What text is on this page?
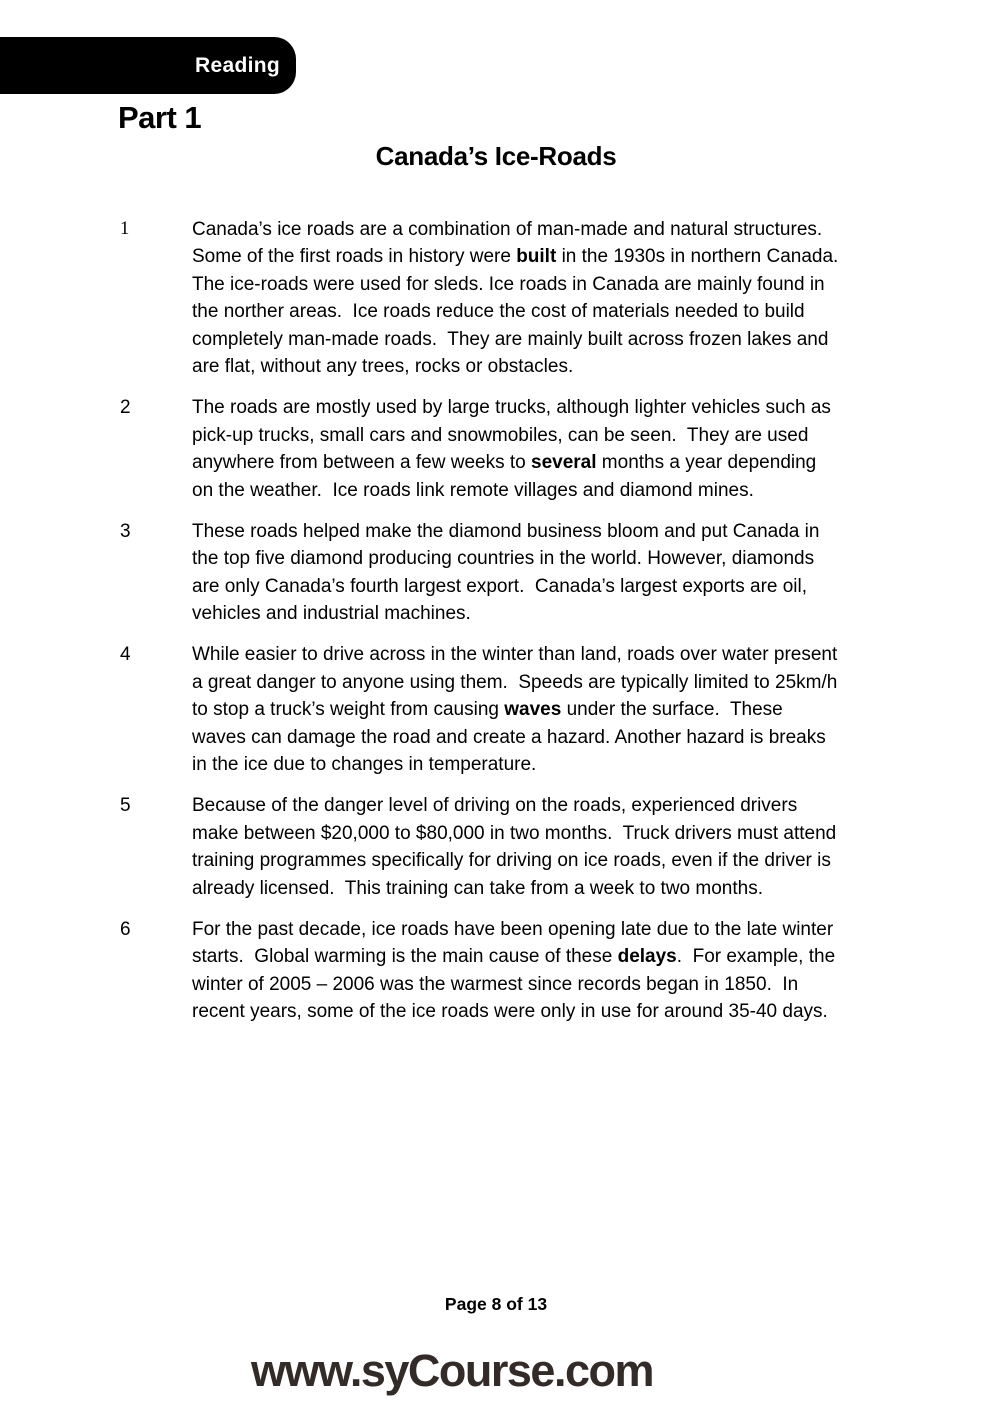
Reading
Part 1
Canada’s Ice-Roads
1	Canada’s ice roads are a combination of man-made and natural structures.
Some of the first roads in history were built in the 1930s in northern Canada.
The ice-roads were used for sleds. Ice roads in Canada are mainly found in
the norther areas.  Ice roads reduce the cost of materials needed to build
completely man-made roads.  They are mainly built across frozen lakes and
are flat, without any trees, rocks or obstacles.
2	The roads are mostly used by large trucks, although lighter vehicles such as
pick-up trucks, small cars and snowmobiles, can be seen.  They are used
anywhere from between a few weeks to several months a year depending
on the weather.  Ice roads link remote villages and diamond mines.
3	These roads helped make the diamond business bloom and put Canada in
the top five diamond producing countries in the world. However, diamonds
are only Canada’s fourth largest export.  Canada’s largest exports are oil,
vehicles and industrial machines.
4	While easier to drive across in the winter than land, roads over water present
a great danger to anyone using them.  Speeds are typically limited to 25km/h
to stop a truck’s weight from causing waves under the surface.  These
waves can damage the road and create a hazard. Another hazard is breaks
in the ice due to changes in temperature.
5	Because of the danger level of driving on the roads, experienced drivers
make between $20,000 to $80,000 in two months.  Truck drivers must attend
training programmes specifically for driving on ice roads, even if the driver is
already licensed.  This training can take from a week to two months.
6	For the past decade, ice roads have been opening late due to the late winter
starts.  Global warming is the main cause of these delays.  For example, the
winter of 2005 – 2006 was the warmest since records began in 1850.  In
recent years, some of the ice roads were only in use for around 35-40 days.
Page 8 of 13
www.syCourse.com
